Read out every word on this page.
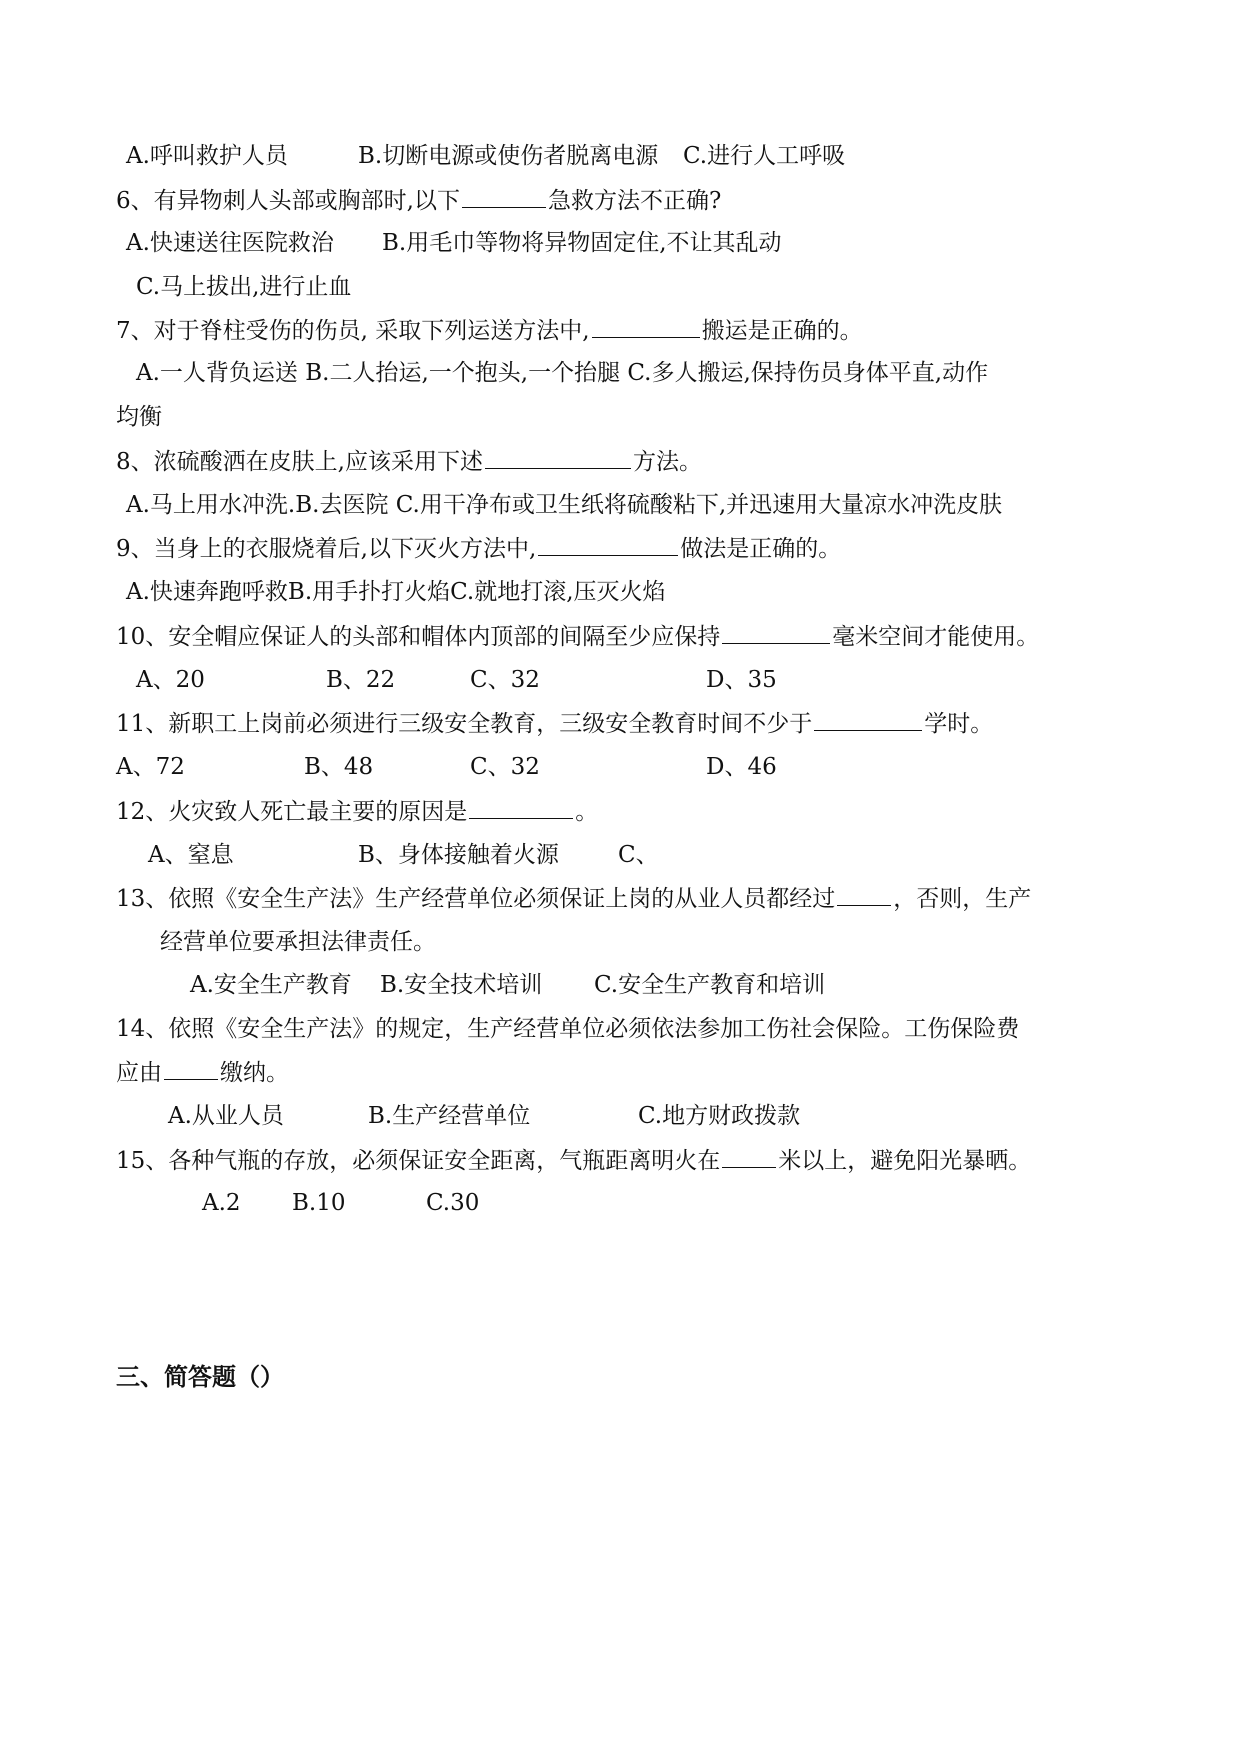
A.呼叫救护人员	B.切断电源或使伤者脱离电源 C.进行人工呼吸
6、有异物刺人头部或胸部时,以下	急救方法不正确?
A.快速送往医院救治 B.用毛巾等物将异物固定住,不让其乱动
C.马上拔出,进行止血
7、对于脊柱受伤的伤员, 采取下列运送方法中,	搬运是正确的。
A.一人背负运送 B.二人抬运,一个抱头,一个抬腿 C.多人搬运,保持伤员身体平直,动作
均衡
8、浓硫酸洒在皮肤上,应该采用下述	方法。
A.马上用水冲洗.B.去医院 C.用干净布或卫生纸将硫酸粘下,并迅速用大量凉水冲洗皮肤
9、当身上的衣服烧着后,以下灭火方法中,	做法是正确的。
A.快速奔跑呼救B.用手扑打火焰C.就地打滚,压灭火焰
10、安全帽应保证人的头部和帽体内顶部的间隔至少应保持	毫米空间才能使用。
A、20	B、22	C、32	D、35
11、新职工上岗前必须进行三级安全教育，三级安全教育时间不少于	学时。
A、72	B、48	C、32	D、46
12、火灾致人死亡最主要的原因是	。
A、窒息	B、身体接触着火源	C、
13、依照《安全生产法》生产经营单位必须保证上岗的从业人员都经过	，否则，生产
经营单位要承担法律责任。
A.安全生产教育 B.安全技术培训 C.安全生产教育和培训
14、依照《安全生产法》的规定，生产经营单位必须依法参加工伤社会保险。工伤保险费
应由	缴纳。
A.从业人员	B.生产经营单位	C.地方财政拨款
15、各种气瓶的存放，必须保证安全距离，气瓶距离明火在	米以上，避免阳光暴晒。
A.2 B.10	C.30
三、简答题（）
